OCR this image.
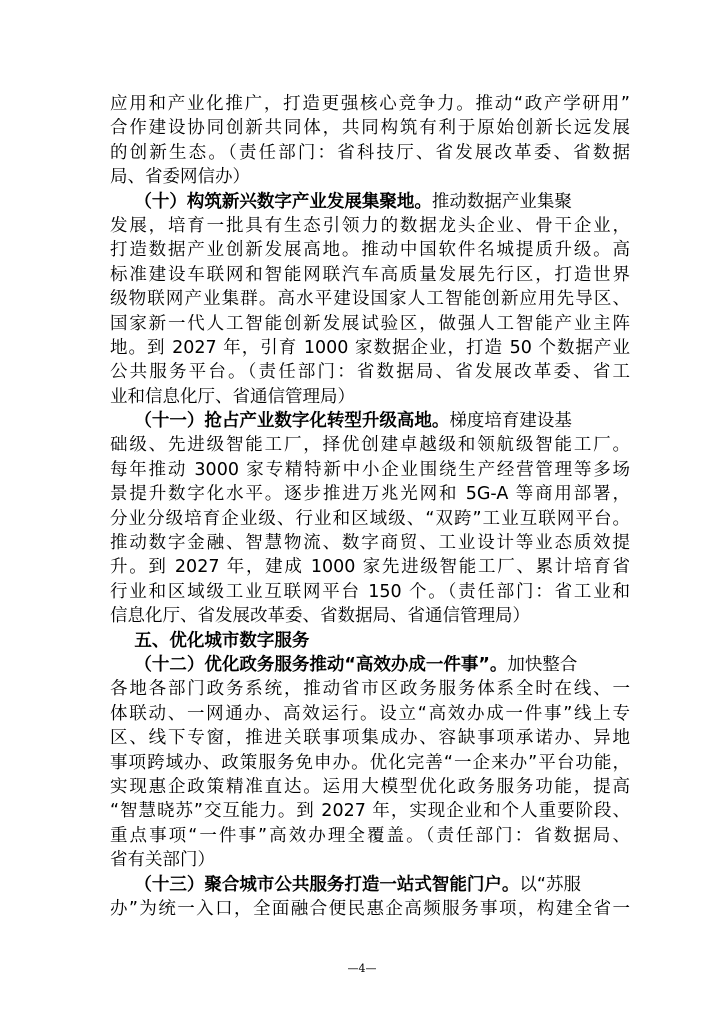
应用和产业化推广，打造更强核心竞争力。推动“政产学研用”
合作建设协同创新共同体，共同构筑有利于原始创新长远发展
的创新生态。（责任部门：省科技厅、省发展改革委、省数据
局、省委网信办）
（十）构筑新兴数字产业发展集聚地。推动数据产业集聚
发展，培育一批具有生态引领力的数据龙头企业、骨干企业，
打造数据产业创新发展高地。推动中国软件名城提质升级。高
标准建设车联网和智能网联汽车高质量发展先行区，打造世界
级物联网产业集群。高水平建设国家人工智能创新应用先导区、
国家新一代人工智能创新发展试验区，做强人工智能产业主阵
地。到 2027 年，引育 1000 家数据企业，打造 50 个数据产业
公共服务平台。（责任部门：省数据局、省发展改革委、省工
业和信息化厅、省通信管理局）
（十一）抢占产业数字化转型升级高地。梯度培育建设基
础级、先进级智能工厂，择优创建卓越级和领航级智能工厂。
每年推动 3000 家专精特新中小企业围绕生产经营管理等多场
景提升数字化水平。逐步推进万兆光网和 5G-A 等商用部署，
分业分级培育企业级、行业和区域级、“双跨”工业互联网平台。
推动数字金融、智慧物流、数字商贸、工业设计等业态质效提
升。到 2027 年，建成 1000 家先进级智能工厂、累计培育省
行业和区域级工业互联网平台 150 个。（责任部门：省工业和
信息化厅、省发展改革委、省数据局、省通信管理局）
五、优化城市数字服务
（十二）优化政务服务推动“高效办成一件事”。加快整合
各地各部门政务系统，推动省市区政务服务体系全时在线、一
体联动、一网通办、高效运行。设立“高效办成一件事”线上专
区、线下专窗，推进关联事项集成办、容缺事项承诺办、异地
事项跨域办、政策服务免申办。优化完善“一企来办”平台功能，
实现惠企政策精准直达。运用大模型优化政务服务功能，提高
“智慧晓苏”交互能力。到 2027 年，实现企业和个人重要阶段、
重点事项“一件事”高效办理全覆盖。（责任部门：省数据局、
省有关部门）
（十三）聚合城市公共服务打造一站式智能门户。以“苏服
办”为统一入口，全面融合便民惠企高频服务事项，构建全省一
—4—
